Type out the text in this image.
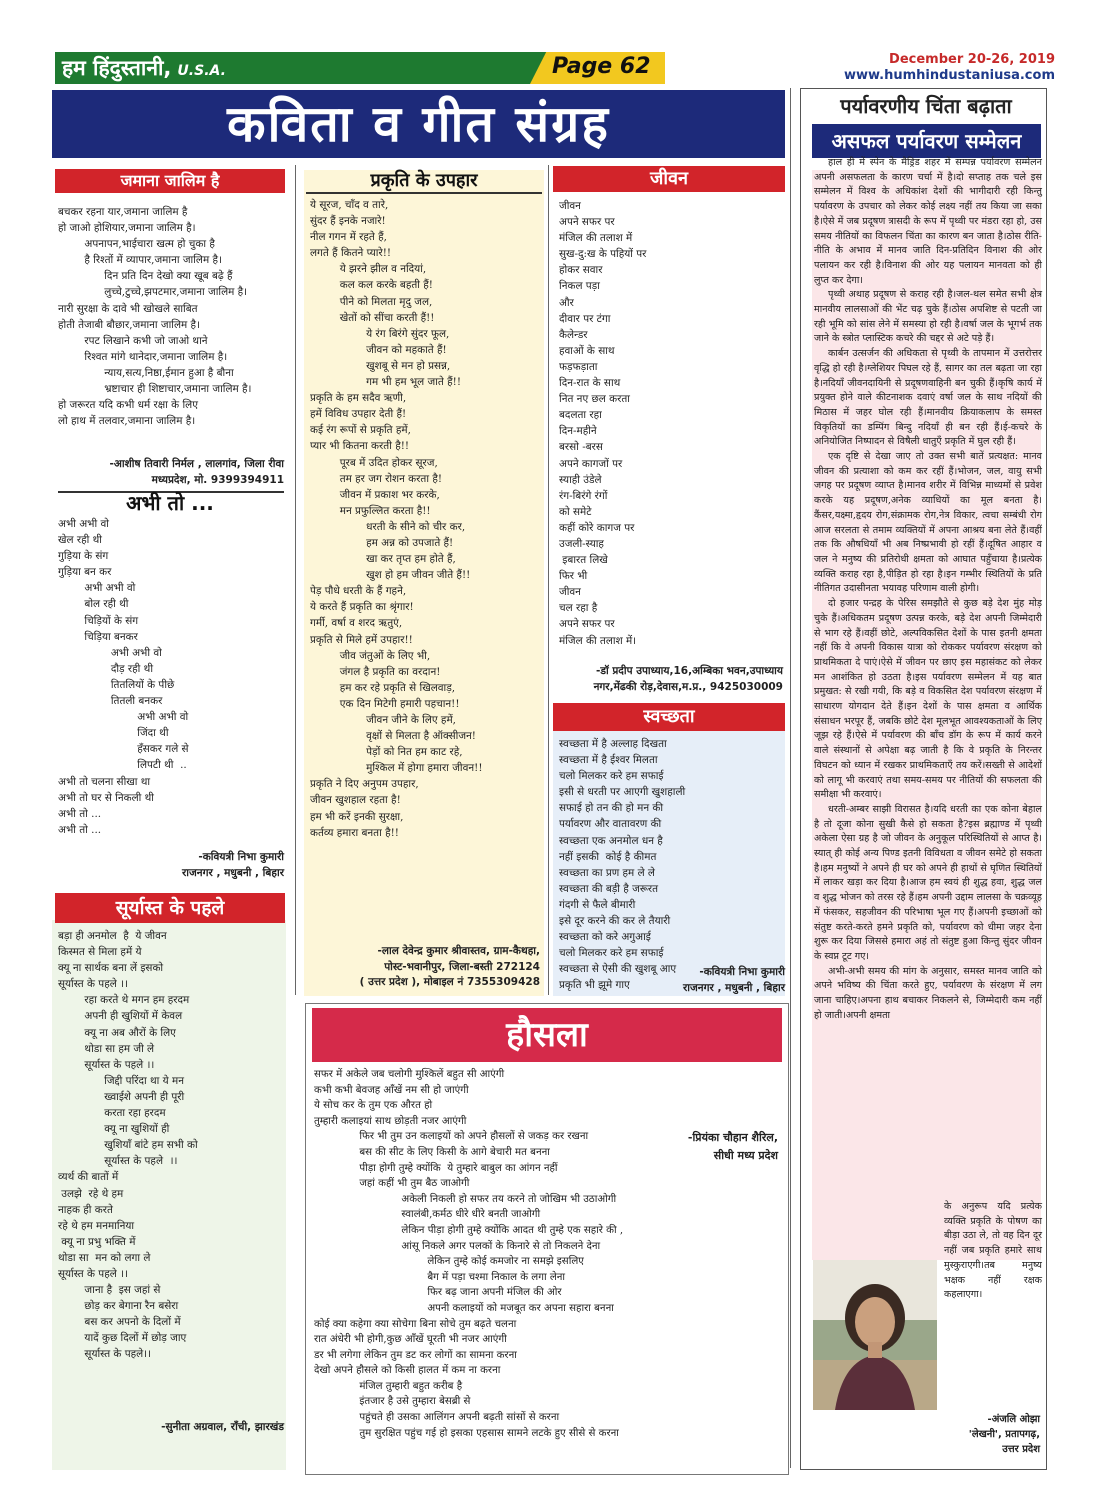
हम हिंदुस्तानी, U.S.A.	Page 62	December 20-26, 2019
www.humhindustaniusa.com
कविता व गीत संग्रह
जमाना जालिम है
बचकर रहना यार,जमाना जालिम है
हो जाओ होशियार,जमाना जालिम है।
अपनापन,भाईचारा खत्म हो चुका है
है रिश्तों में व्यापार,जमाना जालिम है।
दिन प्रति दिन देखो क्या खूब बढ़े हैं
लुच्चे,टुच्चे,झपटमार,जमाना जालिम है।
नारी सुरक्षा के दावे भी खोखले साबित
होती तेजाबी बौछार,जमाना जालिम है।
रपट लिखाने कभी जो जाओ थाने
रिश्वत मांगे थानेदार,जमाना जालिम है।
न्याय,सत्य,निष्ठा,ईमान हुआ है बौना
भ्रष्टाचार ही शिष्टाचार,जमाना जालिम है।
हो जरूरत यदि कभी धर्म रक्षा के लिए
लो हाथ में तलवार,जमाना जालिम है।
-आशीष तिवारी निर्मल , लालगांव, जिला रीवा
मध्यप्रदेश, मो. 9399394911
अभी तो ...
अभी अभी वो
खेल रही थी
गुड़िया के संग
गुड़िया बन कर
अभी अभी वो
बोल रही थी
चिड़ियों के संग
चिड़िया बनकर
अभी अभी वो
दौड़ रही थी
तितलियों के पीछे
तितली बनकर
अभी अभी वो
जिंदा थी
हँसकर गले से
लिपटी थी  ..
अभी तो चलना सीखा था
अभी तो घर से निकली थी
अभी तो ...
अभी तो ...
-कवियत्री निभा कुमारी
राजनगर , मधुबनी , बिहार
सूर्यास्त के पहले
बड़ा ही अनमोल  है  ये जीवन
किस्मत से मिला हमें ये
क्यू ना सार्थक बना लें इसको
सूर्यास्त के पहले ।।
रहा करते थे मगन हम हरदम
अपनी ही खुशियों में केवल
क्यू ना अब औरों के लिए
थोडा सा हम जी ले
सूर्यास्त के पहले ।।
जिद्दी परिंदा था ये मन
ख्वाईशे अपनी ही पूरी
करता रहा हरदम
क्यू ना खुशियों ही
खुशियाँ बांटे हम सभी को
सूर्यास्त के पहले  ।।
व्यर्थ की बातों में
उलझे  रहे थे हम
नाहक ही करते
रहे थे हम मनमानिया
क्यू ना प्रभु भक्ति में
थोडा सा  मन को लगा ले
सूर्यास्त के पहले ।।
जाना है  इस जहां से
छोड़ कर बेगाना रैन बसेरा
बस कर अपनो के दिलों में
यादें कुछ दिलों में छोड़ जाए
सूर्यास्त के पहले।।
-सुनीता अग्रवाल, राँची, झारखंड
प्रकृति के उपहार
ये सूरज, चाँद व तारे,
सुंदर हैं इनके नजारे!
नील गगन में रहते हैं,
लगते हैं कितने प्यारे!!
ये झरने झील व नदियां,
कल कल करके बहती हैं!
पीने को मिलता मृदु जल,
खेतों को सींचा करती हैं!!
ये रंग बिरंगे सुंदर फूल,
जीवन को महकाते हैं!
खुशबू से मन हो प्रसन्न,
गम भी हम भूल जाते हैं!!
प्रकृति के हम सदैव ऋणी,
हमें विविध उपहार देती हैं!
कई रंग रूपों से प्रकृति हमें,
प्यार भी कितना करती है!!
पूरब में उदित होकर सूरज,
तम हर जग रोशन करता है!
जीवन में प्रकाश भर करके,
मन प्रफुल्लित करता है!!
धरती के सीने को चीर कर,
हम अन्न को उपजाते हैं!
खा कर तृप्त हम होते हैं,
खुश हो हम जीवन जीते हैं!!
पेड़ पौधे धरती के हैं गहने,
ये करते हैं प्रकृति का श्रृंगार!
गर्मी, वर्षा व शरद ऋतुएं,
प्रकृति से मिले हमें उपहार!!
जीव जंतुओं के लिए भी,
जंगल है प्रकृति का वरदान!
हम कर रहे प्रकृति से खिलवाड़,
एक दिन मिटेगी हमारी पहचान!!
जीवन जीने के लिए हमें,
वृक्षों से मिलता है ऑक्सीजन!
पेड़ों को नित हम काट रहे,
मुश्किल में होगा हमारा जीवन!!
प्रकृति ने दिए अनुपम उपहार,
जीवन खुशहाल रहता है!
हम भी करें इनकी सुरक्षा,
कर्तव्य हमारा बनता है!!
-लाल देवेन्द्र कुमार श्रीवास्तव, ग्राम-कैथहा,
पोस्ट-भवानीपुर, जिला-बस्ती 272124
( उत्तर प्रदेश ), मोबाइल नं 7355309428
जीवन
जीवन
अपने सफर पर
मंजिल की तलाश में
सुख-दु:ख के पहियों पर
होकर सवार
निकल पड़ा
और
दीवार पर टंगा
कैलेन्डर
हवाओं के साथ
फड़फड़ाता
दिन-रात के साथ
नित नए छल करता
बदलता रहा
दिन-महीने
बरसो -बरस
अपने कागजों पर
स्याही उंडेले
रंग-बिरंगे रंगों
को समेटे
कहीं कोरे कागज पर
उजली-स्याह
इबारत लिखे
फिर भी
जीवन
चल रहा है
अपने सफर पर
मंजिल की तलाश में।
-डॉ प्रदीप उपाध्याय,16,अम्बिका भवन,उपाध्याय
नगर,मेंढकी रोड़,देवास,म.प्र., 9425030009
स्वच्छता
स्वच्छता में है अल्लाह दिखता
स्वच्छता में है ईश्वर मिलता
चलो मिलकर करे हम सफाई
इसी से धरती पर आएगी खुशहाली
सफाई हो तन की हो मन की
पर्यावरण और वातावरण की
स्वच्छता एक अनमोल धन है
नहीं इसकी  कोई है कीमत
स्वच्छता का प्रण हम ले ले
स्वच्छता की बड़ी है जरूरत
गंदगी से फैले बीमारी
इसे दूर करने की कर ले तैयारी
स्वच्छता को करे अगुआई
चलो मिलकर करे हम सफाई
स्वच्छता से ऐसी की खुशबू आए
प्रकृति भी झूमे गाए
-कवियत्री निभा कुमारी
राजनगर , मधुबनी , बिहार
हौसला
सफर में अकेले जब चलोगी मुश्किलें बहुत सी आएंगी
कभी कभी बेवजह आँखें नम सी हो जाएंगी
ये सोच कर के तुम एक औरत हो
तुम्हारी कलाइयां साथ छोड़ती नजर आएंगी
फिर भी तुम उन कलाइयों को अपने हौसलों से जकड़ कर रखना
बस की सीट के लिए किसी के आगे बेचारी मत बनना
पीड़ा होगी तुम्हे क्योंकि  ये तुम्हारे बाबुल का आंगन नहीं
जहां कहीं भी तुम बैठ जाओगी
अकेली निकली हो सफर तय करने तो जोखिम भी उठाओगी
स्वालंबी,कर्मठ धीरे धीरे बनती जाओगी
लेकिन पीड़ा होगी तुम्हे क्योंकि आदत थी तुम्हे एक सहारे की ,
आंसू निकले अगर पलकों के किनारे से तो निकलने देना
लेकिन तुम्हे कोई कमजोर ना समझे इसलिए
बैग में पड़ा चश्मा निकाल के लगा लेना
फिर बढ़ जाना अपनी मंजिल की ओर
अपनी कलाइयों को मजबूत कर अपना सहारा बनना
कोई क्या कहेगा क्या सोचेगा बिना सोचे तुम बढ़ते चलना
रात अंधेरी भी होगी,कुछ आँखें घूरती भी नजर आएंगी
डर भी लगेगा लेकिन तुम डट कर लोगों का सामना करना
देखो अपने हौसले को किसी हालत में कम ना करना
मंजिल तुम्हारी बहुत करीब है
इंतजार है उसे तुम्हारा बेसब्री से
पहुंचते ही उसका आलिंगन अपनी बढ़ती सांसों से करना
तुम सुरक्षित पहुंच गई हो इसका एहसास सामने लटके हुए सीसे से करना
-प्रियंका चौहान शैरिल,
सीधी मध्य प्रदेश
पर्यावरणीय चिंता बढ़ाता
असफल पर्यावरण सम्मेलन

हाल ही में स्पेन के मैड्रिड शहर में सम्पन्न पर्यावरण सम्मेलन अपनी असफलता के कारण चर्चा में है।दो सप्ताह तक चले इस सम्मेलन में विश्व के अधिकांश देशों की भागीदारी रही किन्तु पर्यावरण के उपचार को लेकर कोई लक्ष्य नहीं तय किया जा सका है।ऐसे में जब प्रदूषण त्रासदी के रूप में पृथ्वी पर मंडरा रहा हो, उस समय नीतियों का विफलन चिंता का कारण बन जाता है।ठोस रीति-नीति के अभाव में मानव जाति दिन-प्रतिदिन विनाश की ओर पलायन कर रही है।विनाश की ओर यह पलायन मानवता को ही लुप्त कर देगा।

पृथ्वी अथाह प्रदूषण से कराह रही है।जल-थल समेत सभी क्षेत्र मानवीय लालसाओं की भेंट चढ़ चुके हैं।ठोस अपशिष्ट से पटती जा रही भूमि को सांस लेने में समस्या हो रही है।वर्षा जल के भूगर्भ तक जाने के स्त्रोत प्लास्टिक कचरे की चद्दर से अटे पड़े हैं।

कार्बन उत्सर्जन की अधिकता से पृथ्वी के तापमान में उत्तरोत्तर वृद्धि हो रही है।ग्लेशियर पिघल रहे हैं, सागर का तल बढ़ता जा रहा है।नदियाँ जीवनदायिनी से प्रदूषणवाहिनी बन चुकी हैं।कृषि कार्य में प्रयुक्त होने वाले कीटनाशक दवाएं वर्षा जल के साथ नदियों की मिठास में जहर घोल रही हैं।मानवीय क्रियाकलाप के समस्त विकृतियों का डम्पिंग बिन्दु नदियाँ ही बन रही हैं।ई-कचरे के अनियोजित निष्पादन से विषैली धातुएँ प्रकृति में घुल रही हैं।

एक दृष्टि से देखा जाए तो उक्त सभी बातें प्रत्यक्षत: मानव जीवन की प्रत्याशा को कम कर रहीं हैं।भोजन, जल, वायु सभी जगह पर प्रदूषण व्याप्त है।मानव शरीर में विभिन्न माध्यमों से प्रवेश करके यह प्रदूषण,अनेक व्याधियों का मूल बनता है।कैंसर,यक्ष्मा,हृदय रोग,संक्रामक रोग,नेत्र विकार, त्वचा सम्बंधी रोग आज सरलता से तमाम व्यक्तियों में अपना आश्रय बना लेते हैं।वहीं तक कि औषधियाँ भी अब निष्प्रभावी हो रहीं हैं।दूषित आहार व जल ने मनुष्य की प्रतिरोधी क्षमता को आघात पहुँचाया है।प्रत्येक व्यक्ति कराह रहा है,पीड़ित हो रहा है।इन गम्भीर स्थितियों के प्रति नीतिगत उदासीनता भयावह परिणाम वाली होगी।

दो हजार पन्द्रह के पेरिस समझौते से कुछ बड़े देश मुंह मोड़ चुके हैं।अधिकतम प्रदूषण उत्पन्न करके, बड़े देश अपनी जिम्मेदारी से भाग रहे हैं।वहीं छोटे, अल्पविकसित देशों के पास इतनी क्षमता नहीं कि वे अपनी विकास यात्रा को रोककर पर्यावरण संरक्षण को प्राथमिकता दे पाएं।ऐसे में जीवन पर छाए इस महासंकट को लेकर मन आशंकित हो उठता है।इस पर्यावरण सम्मेलन में यह बात प्रमुखत: से रखी गयी, कि बड़े व विकसित देश पर्यावरण संरक्षण में साधारण योगदान देते हैं।इन देशों के पास क्षमता व आर्थिक संसाधन भरपूर हैं, जबकि छोटे देश मूलभूत आवश्यकताओं के लिए जूझ रहे हैं।ऐसे में पर्यावरण की बाँच डॉग के रूप में कार्य करने वाले संस्थानों से अपेक्षा बढ़ जाती है कि वे प्रकृति के निरन्तर विघटन को ध्यान में रखकर प्राथमिकताएँ तय करें।सख्ती से आदेशों को लागू भी करवाएं तथा समय-समय पर नीतियों की सफलता की समीक्षा भी करवाएं।

धरती-अम्बर साझी विरासत है।यदि धरती का एक कोना बेहाल है तो दूजा कोना सुखी कैसे हो सकता है?इस ब्रह्माण्ड में पृथ्वी अकेला ऐसा ग्रह है जो जीवन के अनुकूल परिस्थितियों से आप्त है।स्यात् ही कोई अन्य पिण्ड इतनी विविधता व जीवन समेटे हो सकता है।हम मनुष्यों ने अपने ही घर को अपने ही हाथों से घृणित स्थितियों में लाकर खड़ा कर दिया है।आज हम स्वयं ही शुद्ध हवा, शुद्ध जल व शुद्ध भोजन को तरस रहे हैं।हम अपनी उद्दाम लालसा के चक्रव्यूह में फंसकर, सहजीवन की परिभाषा भूल गए हैं।अपनी इच्छाओं को संतुष्ट करते-करते हमने प्रकृति को, पर्यावरण को धीमा जहर देना शुरू कर दिया जिससे हमारा अहं तो संतुष्ट हुआ किन्तु सुंदर जीवन के स्वप्न टूट गए।

अभी-अभी समय की मांग के अनुसार, समस्त मानव जाति को अपने भविष्य की चिंता करते हुए, पर्यावरण के संरक्षण में लग जाना चाहिए।अपना हाथ बचाकर निकलने से, जिम्मेदारी कम नहीं हो जाती।अपनी क्षमता

के अनुरूप यदि प्रत्येक व्यक्ति प्रकृति के पोषण का बीड़ा उठा ले, तो वह दिन दूर नहीं जब प्रकृति हमारे साथ मुस्कुराएगी।तब मनुष्य भक्षक नहीं रक्षक कहलाएगा।
-अंजलि ओझा
'लेखनी', प्रतापगढ़,
उत्तर प्रदेश
